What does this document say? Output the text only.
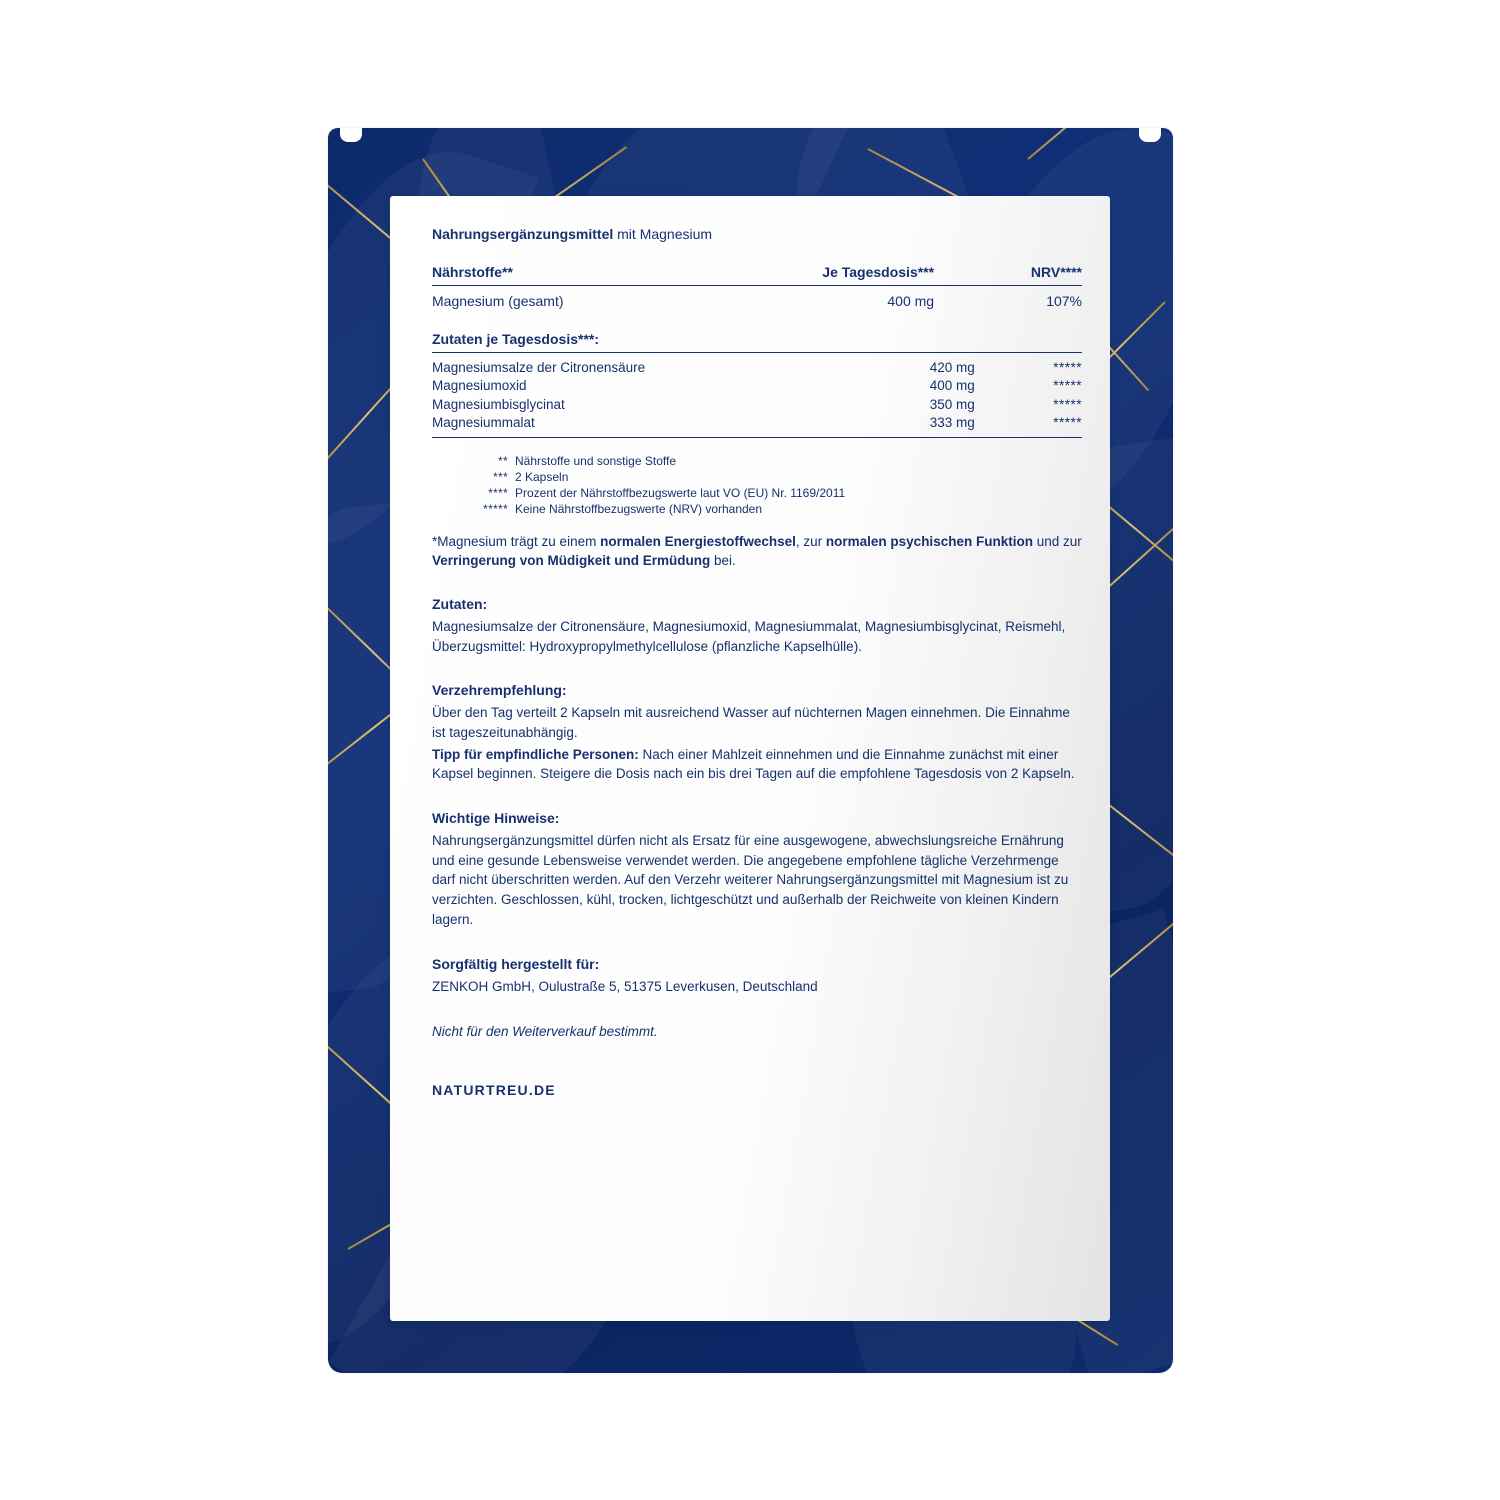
Nahrungsergänzungsmittel mit Magnesium
Nährstoffe**	Je Tagesdosis***	NRV****
Magnesium (gesamt)	400 mg	107%
Zutaten je Tagesdosis***:
Magnesiumsalze der Citronensäure	420 mg	*****
Magnesiumoxid	400 mg	*****
Magnesiumbisglycinat	350 mg	*****
Magnesiummalat	333 mg	*****
** Nährstoffe und sonstige Stoffe
*** 2 Kapseln
**** Prozent der Nährstoffbezugswerte laut VO (EU) Nr. 1169/2011
***** Keine Nährstoffbezugswerte (NRV) vorhanden
*Magnesium trägt zu einem normalen Energiestoffwechsel, zur normalen psychischen Funktion und zur Verringerung von Müdigkeit und Ermüdung bei.
Zutaten:

Magnesiumsalze der Citronensäure, Magnesiumoxid, Magnesiummalat, Magnesiumbisglycinat, Reismehl, Überzugsmittel: Hydroxypropylmethylcellulose (pflanzliche Kapselhülle).

Verzehrempfehlung:

Über den Tag verteilt 2 Kapseln mit ausreichend Wasser auf nüchternen Magen einnehmen. Die Einnahme ist tageszeitunabhängig.

Tipp für empfindliche Personen: Nach einer Mahlzeit einnehmen und die Einnahme zunächst mit einer Kapsel beginnen. Steigere die Dosis nach ein bis drei Tagen auf die empfohlene Tagesdosis von 2 Kapseln.

Wichtige Hinweise:

Nahrungsergänzungsmittel dürfen nicht als Ersatz für eine ausgewogene, abwechslungsreiche Ernährung und eine gesunde Lebensweise verwendet werden. Die angegebene empfohlene tägliche Verzehrmenge darf nicht überschritten werden. Auf den Verzehr weiterer Nahrungsergänzungsmittel mit Magnesium ist zu verzichten. Geschlossen, kühl, trocken, lichtgeschützt und außerhalb der Reichweite von kleinen Kindern lagern.

Sorgfältig hergestellt für:

ZENKOH GmbH, Oulustraße 5, 51375 Leverkusen, Deutschland

Nicht für den Weiterverkauf bestimmt.

NATURTREU.DE
